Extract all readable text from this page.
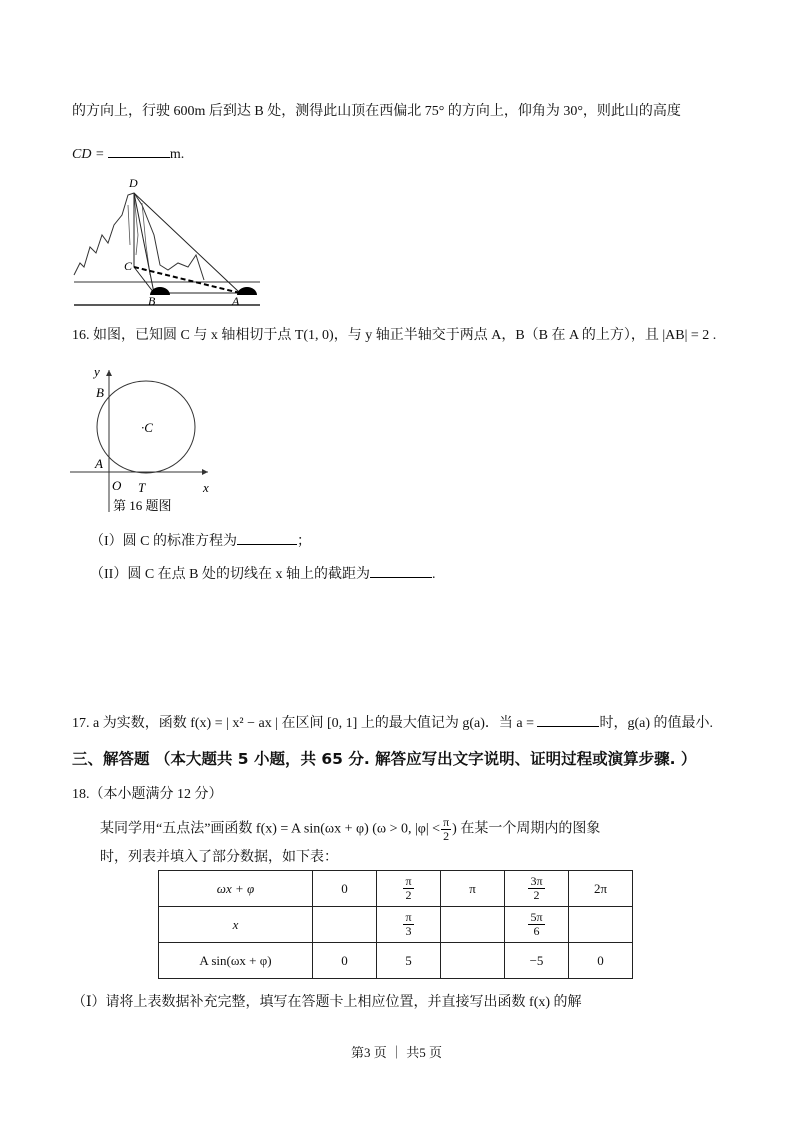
的方向上，行驶 600m 后到达 B 处，测得此山顶在西偏北 75° 的方向上，仰角为 30°，则此山的高度
CD =	m.
D
C
B	A
16. 如图，已知圆 C 与 x 轴相切于点 T(1, 0)，与 y 轴正半轴交于两点 A，B（B 在 A 的上方），且 |AB| = 2 .
y
B
·C
A
O T	x
第 16 题图
（I）圆 C 的标准方程为	；
（II）圆 C 在点 B 处的切线在 x 轴上的截距为	.
17. a 为实数，函数 f(x) = | x² − ax | 在区间 [0, 1] 上的最大值记为 g(a)．当 a =	时，g(a) 的值最小.
三、解答题 （本大题共 5 小题，共 65 分. 解答应写出文字说明、证明过程或演算步骤. ）
18.（本小题满分 12 分）
某同学用“五点法”画函数 f(x) = A sin(ωx + φ) (ω > 0, $|\varphi| < \frac{\pi}{2}$ ) 在某一个周期内的图象
时，列表并填入了部分数据，如下表：
ωx + φ	0	$\frac{\pi}{2}$	π	$\frac{3\pi}{2}$	2π
x		$\frac{\pi}{3}$		$\frac{5\pi}{6}$

A sin(ωx + φ)	0	5		−5	0
（Ⅰ）请将上表数据补充完整，填写在答题卡上相应位置，并直接写出函数 f(x) 的解
第3 页 ｜ 共5 页
